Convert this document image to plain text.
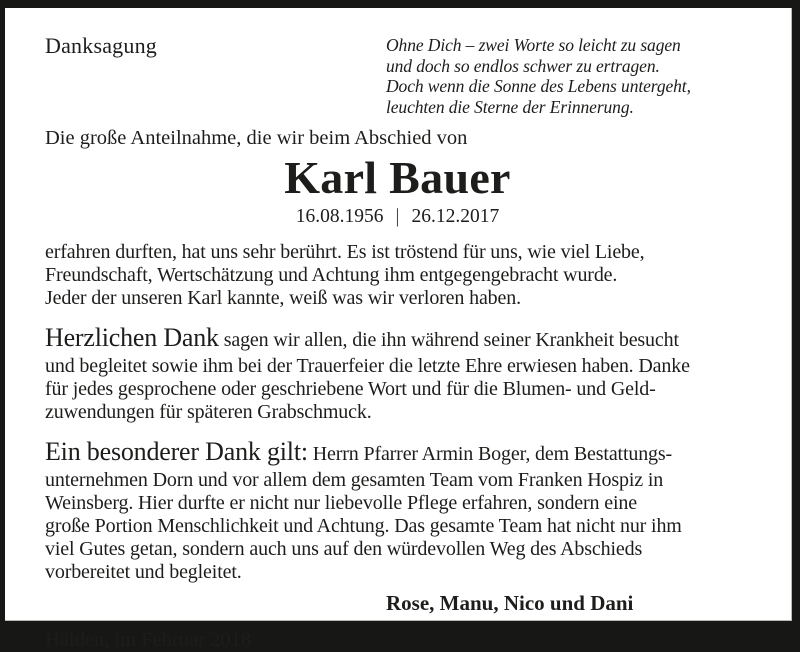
Danksagung	Ohne Dich – zwei Worte so leicht zu sagen
und doch so endlos schwer zu ertragen.
Doch wenn die Sonne des Lebens untergeht,
leuchten die Sterne der Erinnerung.
Die große Anteilnahme, die wir beim Abschied von
Karl Bauer
16.08.1956 | 26.12.2017
erfahren durften, hat uns sehr berührt. Es ist tröstend für uns, wie viel Liebe,
Freundschaft, Wertschätzung und Achtung ihm entgegengebracht wurde.
Jeder der unseren Karl kannte, weiß was wir verloren haben.
Herzlichen Dank sagen wir allen, die ihn während seiner Krankheit besucht
und begleitet sowie ihm bei der Trauerfeier die letzte Ehre erwiesen haben. Danke
für jedes gesprochene oder geschriebene Wort und für die Blumen- und Geld-
zuwendungen für späteren Grabschmuck.
Ein besonderer Dank gilt: Herrn Pfarrer Armin Boger, dem Bestattungs-
unternehmen Dorn und vor allem dem gesamten Team vom Franken Hospiz in
Weinsberg. Hier durfte er nicht nur liebevolle Pflege erfahren, sondern eine
große Portion Menschlichkeit und Achtung. Das gesamte Team hat nicht nur ihm
viel Gutes getan, sondern auch uns auf den würdevollen Weg des Abschieds
vorbereitet und begleitet.
Rose, Manu, Nico und Dani
Hälden, im Februar 2018
